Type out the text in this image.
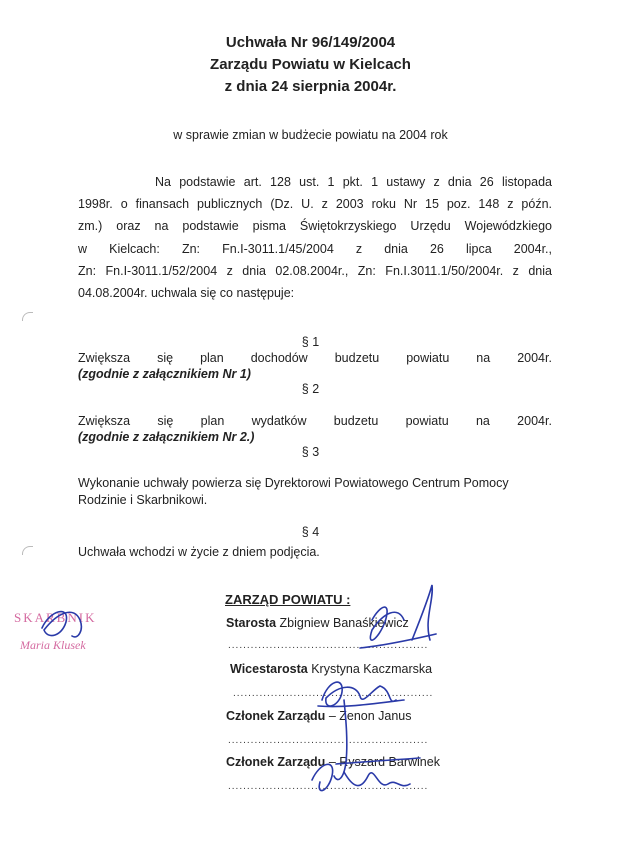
Uchwała Nr 96/149/2004
Zarządu Powiatu w Kielcach
z dnia 24 sierpnia 2004r.
w sprawie zmian w budżecie powiatu na 2004 rok
Na podstawie art. 128 ust. 1 pkt. 1 ustawy z dnia 26 listopada
1998r. o finansach publicznych (Dz. U. z 2003 roku Nr 15 poz. 148 z późn.
zm.) oraz na podstawie pisma Świętokrzyskiego Urzędu Wojewódzkiego
w Kielcach: Zn: Fn.I-3011.1/45/2004 z dnia 26 lipca 2004r.,
Zn: Fn.I-3011.1/52/2004 z dnia 02.08.2004r., Zn: Fn.I.3011.1/50/2004r. z dnia
04.08.2004r. uchwala się co następuje:
§ 1
Zwiększa się plan dochodów budzetu powiatu na 2004r.
(zgodnie z załącznikiem Nr 1)
§ 2
Zwiększa się plan wydatków budzetu powiatu na 2004r.
(zgodnie z załącznikiem Nr 2.)
§ 3
Wykonanie uchwały powierza się Dyrektorowi Powiatowego Centrum Pomocy
Rodzinie i Skarbnikowi.
§ 4
Uchwała wchodzi w życie z dniem podjęcia.
ZARZĄD POWIATU :
Starosta Zbigniew Banaśkiewicz
.....................................................
Wicestarosta Krystyna Kaczmarska
.....................................................
Członek Zarządu – Zenon Janus
.....................................................
Członek Zarządu – Ryszard Barwinek
.....................................................
SKARBNIK
Maria Klusek
